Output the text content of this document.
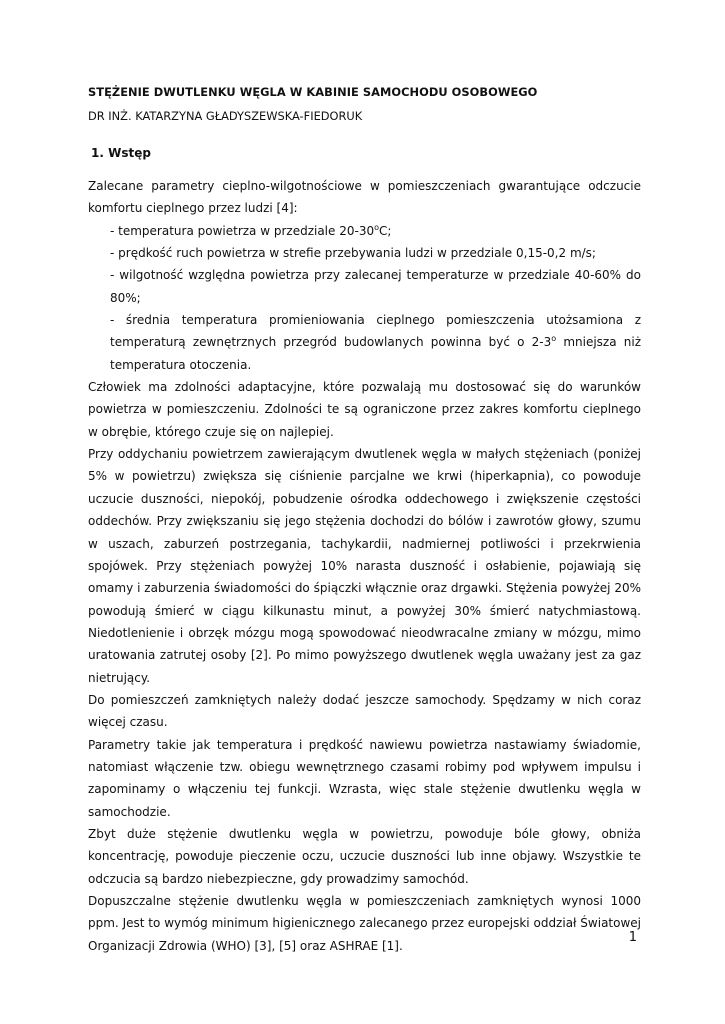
STĘŻENIE DWUTLENKU WĘGLA W KABINIE SAMOCHODU OSOBOWEGO
DR INŻ. KATARZYNA GŁADYSZEWSKA-FIEDORUK
1. Wstęp

Zalecane parametry cieplno-wilgotnościowe w pomieszczeniach gwarantujące odczucie komfortu cieplnego przez ludzi [4]:

- temperatura powietrza w przedziale 20-30$^o$C;
- prędkość ruch powietrza w strefie przebywania ludzi w przedziale 0,15-0,2 m/s;
- wilgotność względna powietrza przy zalecanej temperaturze w przedziale 40-60% do 80%;
- średnia temperatura promieniowania cieplnego pomieszczenia utożsamiona z temperaturą zewnętrznych przegród budowlanych powinna być o 2-3$^o$ mniejsza niż temperatura otoczenia.

Człowiek ma zdolności adaptacyjne, które pozwalają mu dostosować się do warunków powietrza w pomieszczeniu. Zdolności te są ograniczone przez zakres komfortu cieplnego w obrębie, którego czuje się on najlepiej.

Przy oddychaniu powietrzem zawierającym dwutlenek węgla w małych stężeniach (poniżej 5% w powietrzu) zwiększa się ciśnienie parcjalne we krwi (hiperkapnia), co powoduje uczucie duszności, niepokój, pobudzenie ośrodka oddechowego i zwiększenie częstości oddechów. Przy zwiększaniu się jego stężenia dochodzi do bólów i zawrotów głowy, szumu w uszach, zaburzeń postrzegania, tachykardii, nadmiernej potliwości i przekrwienia spojówek. Przy stężeniach powyżej 10% narasta duszność i osłabienie, pojawiają się omamy i zaburzenia świadomości do śpiączki włącznie oraz drgawki. Stężenia powyżej 20% powodują śmierć w ciągu kilkunastu minut, a powyżej 30% śmierć natychmiastową. Niedotlenienie i obrzęk mózgu mogą spowodować nieodwracalne zmiany w mózgu, mimo uratowania zatrutej osoby [2]. Po mimo powyższego dwutlenek węgla uważany jest za gaz nietrujący.

Do pomieszczeń zamkniętych należy dodać jeszcze samochody. Spędzamy w nich coraz więcej czasu.

Parametry takie jak temperatura i prędkość nawiewu powietrza nastawiamy świadomie, natomiast włączenie tzw. obiegu wewnętrznego czasami robimy pod wpływem impulsu i zapominamy o włączeniu tej funkcji. Wzrasta, więc stale stężenie dwutlenku węgla w samochodzie.

Zbyt duże stężenie dwutlenku węgla w powietrzu, powoduje bóle głowy, obniża koncentrację, powoduje pieczenie oczu, uczucie duszności lub inne objawy. Wszystkie te odczucia są bardzo niebezpieczne, gdy prowadzimy samochód.

Dopuszczalne stężenie dwutlenku węgla w pomieszczeniach zamkniętych wynosi 1000 ppm. Jest to wymóg minimum higienicznego zalecanego przez europejski oddział Światowej Organizacji Zdrowia (WHO) [3], [5] oraz ASHRAE [1].

1
